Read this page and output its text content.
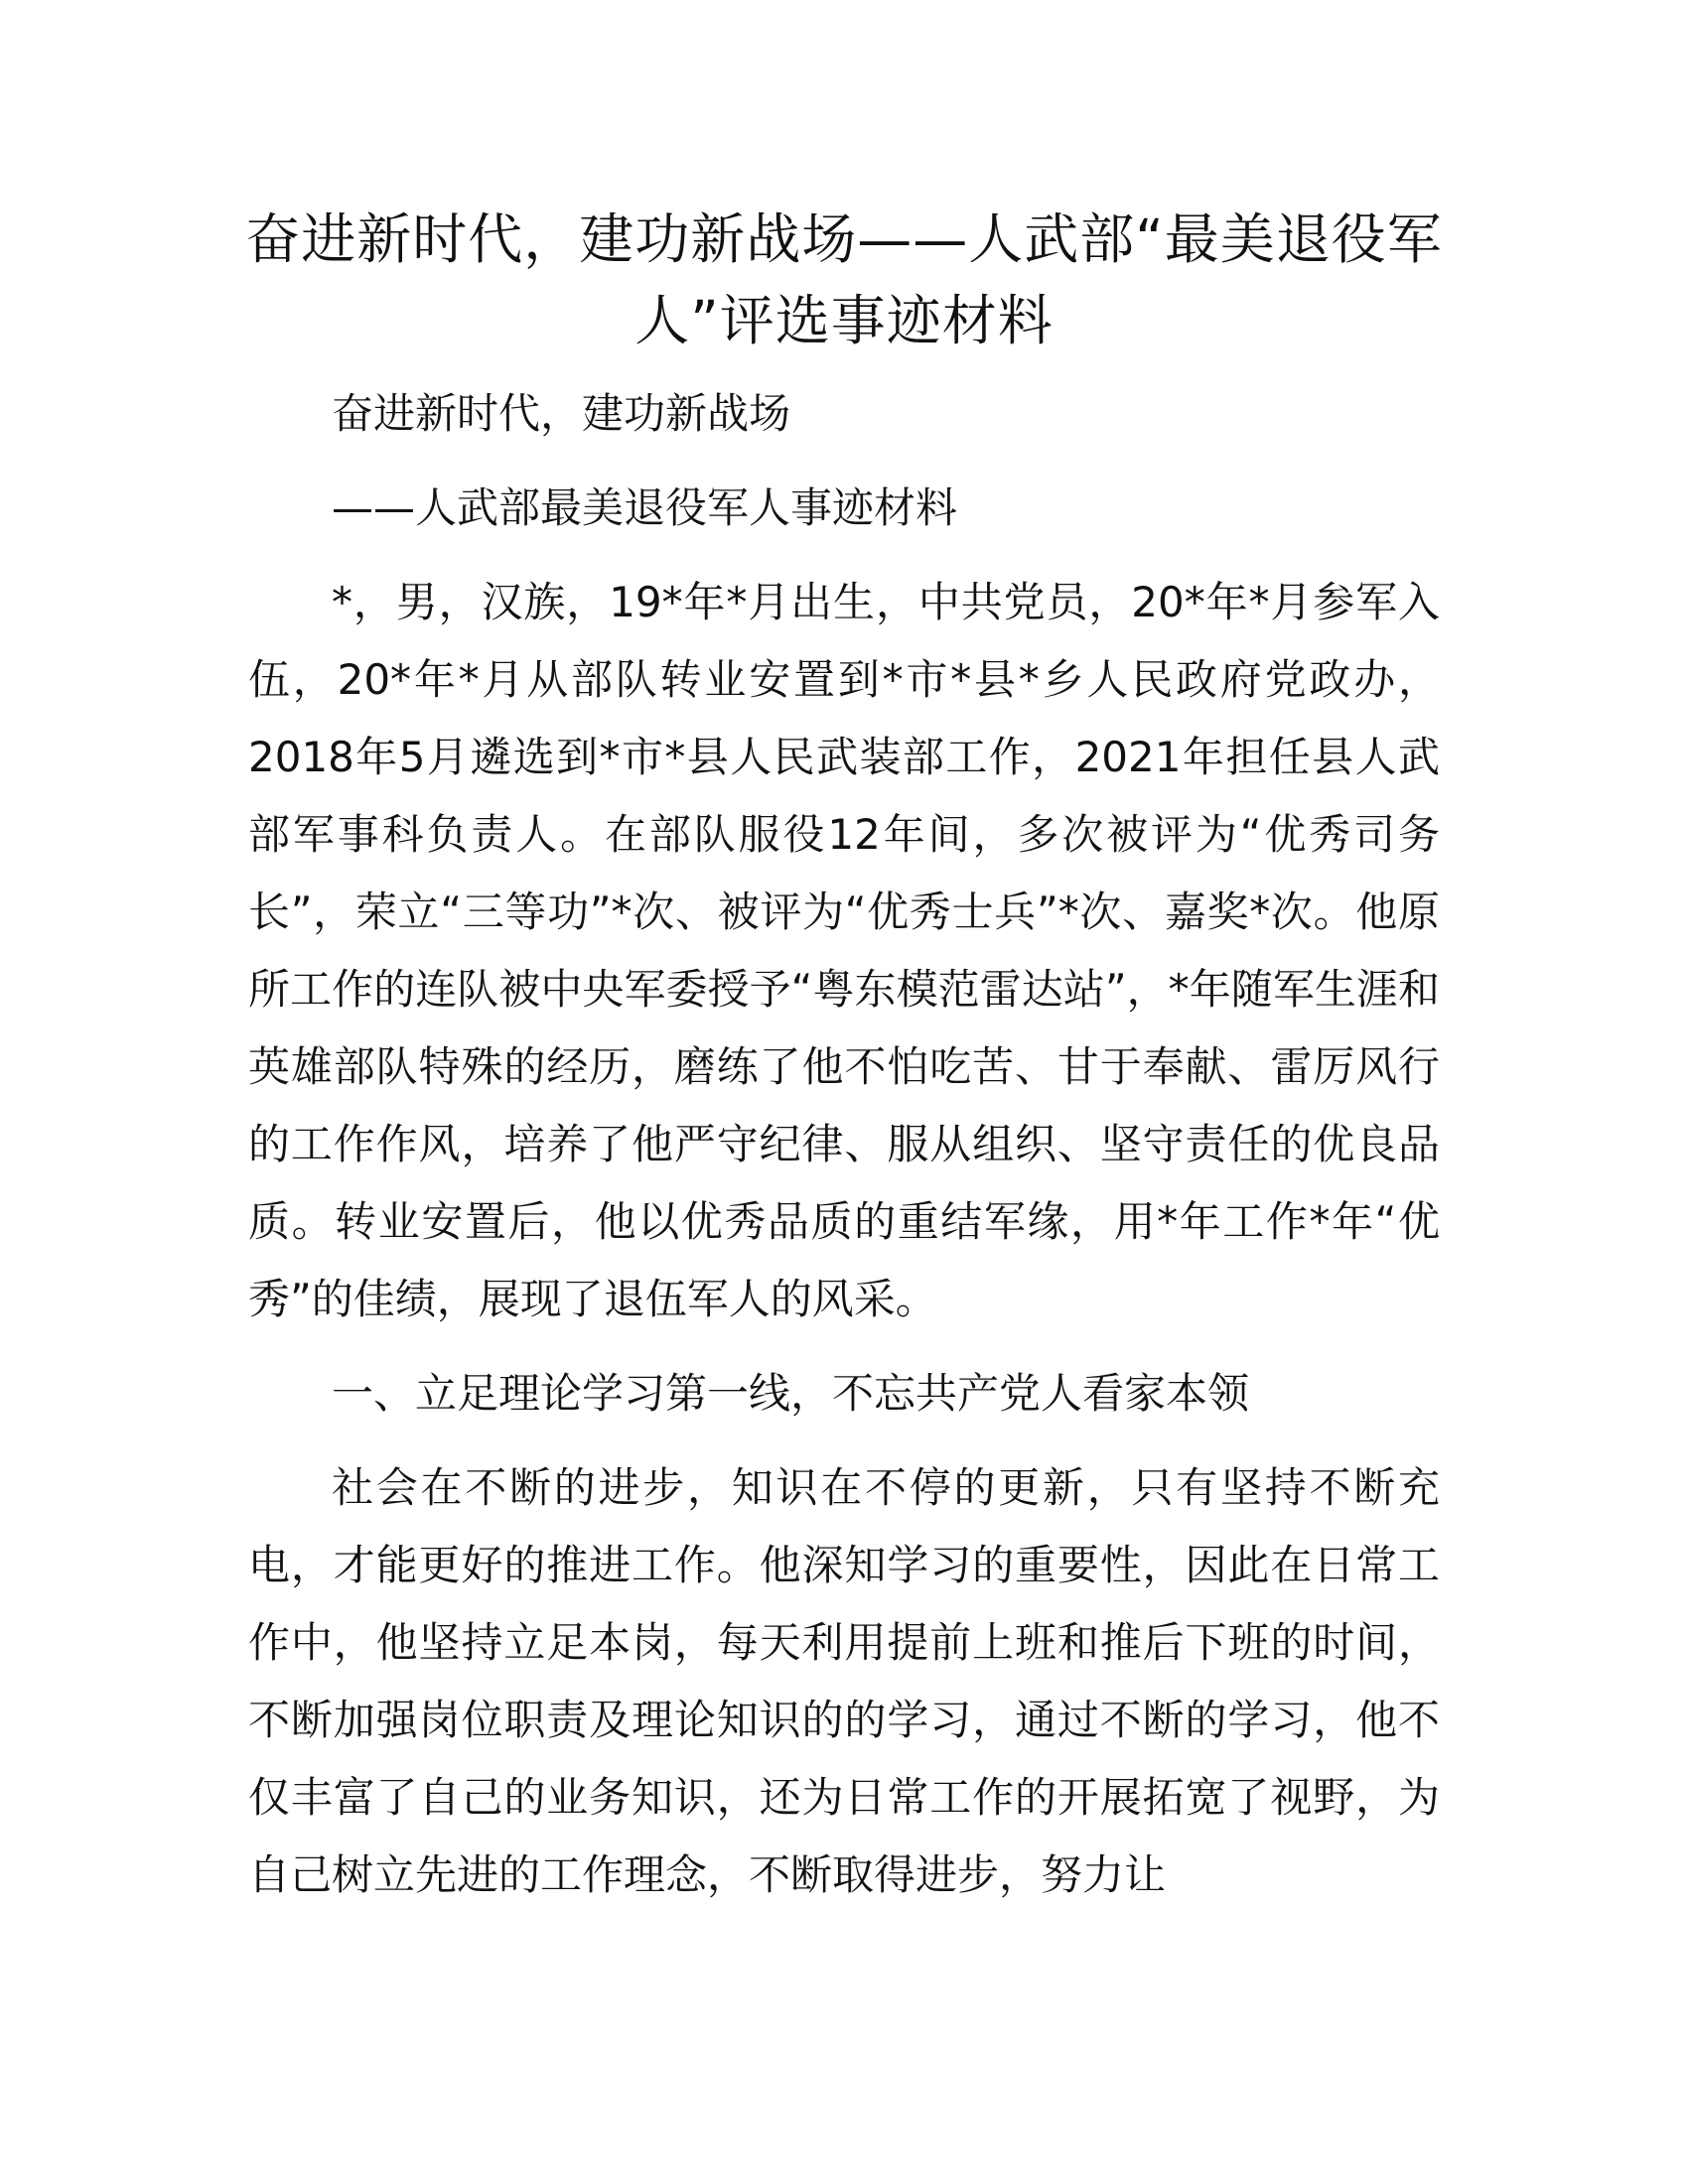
奋进新时代，建功新战场——人武部“最美退役军人”评选事迹材料

奋进新时代，建功新战场

——人武部最美退役军人事迹材料

*，男，汉族，19*年*月出生，中共党员，20*年*月参军入伍，20*年*月从部队转业安置到*市*县*乡人民政府党政办，2018年5月遴选到*市*县人民武装部工作，2021年担任县人武部军事科负责人。在部队服役12年间，多次被评为“优秀司务长”，荣立“三等功”*次、被评为“优秀士兵”*次、嘉奖*次。他原所工作的连队被中央军委授予“粤东模范雷达站”，*年随军生涯和英雄部队特殊的经历，磨练了他不怕吃苦、甘于奉献、雷厉风行的工作作风，培养了他严守纪律、服从组织、坚守责任的优良品质。转业安置后，他以优秀品质的重结军缘，用*年工作*年“优秀”的佳绩，展现了退伍军人的风采。

一、立足理论学习第一线，不忘共产党人看家本领

社会在不断的进步，知识在不停的更新，只有坚持不断充电，才能更好的推进工作。他深知学习的重要性，因此在日常工作中，他坚持立足本岗，每天利用提前上班和推后下班的时间，不断加强岗位职责及理论知识的的学习，通过不断的学习，他不仅丰富了自己的业务知识，还为日常工作的开展拓宽了视野，为自己树立先进的工作理念，不断取得进步，努力让
